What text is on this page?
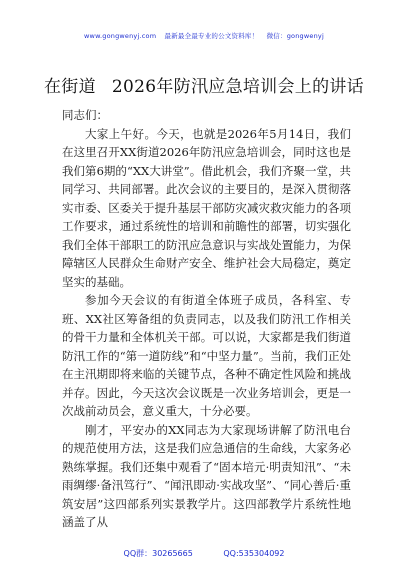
www.gongwenyj.com 最新最全最专业的公文资料库！ 微信：gongwenyj
在街道 2026年防汛应急培训会上的讲话

同志们：

大家上午好。今天，也就是2026年5月14日，我们在这里召开XX街道2026年防汛应急培训会，同时这也是我们第6期的“XX大讲堂”。借此机会，我们齐聚一堂，共同学习、共同部署。此次会议的主要目的，是深入贯彻落实市委、区委关于提升基层干部防灾减灾救灾能力的各项工作要求，通过系统性的培训和前瞻性的部署，切实强化我们全体干部职工的防汛应急意识与实战处置能力，为保障辖区人民群众生命财产安全、维护社会大局稳定，奠定坚实的基础。

参加今天会议的有街道全体班子成员，各科室、专班、XX社区筹备组的负责同志，以及我们防汛工作相关的骨干力量和全体机关干部。可以说，大家都是我们街道防汛工作的“第一道防线”和“中坚力量”。当前，我们正处在主汛期即将来临的关键节点，各种不确定性风险和挑战并存。因此，今天这次会议既是一次业务培训会，更是一次战前动员会，意义重大，十分必要。

刚才，平安办的XX同志为大家现场讲解了防汛电台的规范使用方法，这是我们应急通信的生命线，大家务必熟练掌握。我们还集中观看了“固本培元·明责知汛”、“未雨绸缪·备汛笃行”、“闻汛即动·实战攻坚”、“同心善后·重筑安居”这四部系列实景教学片。这四部教学片系统性地涵盖了从

QQ群：30265665	QQ:535304092
